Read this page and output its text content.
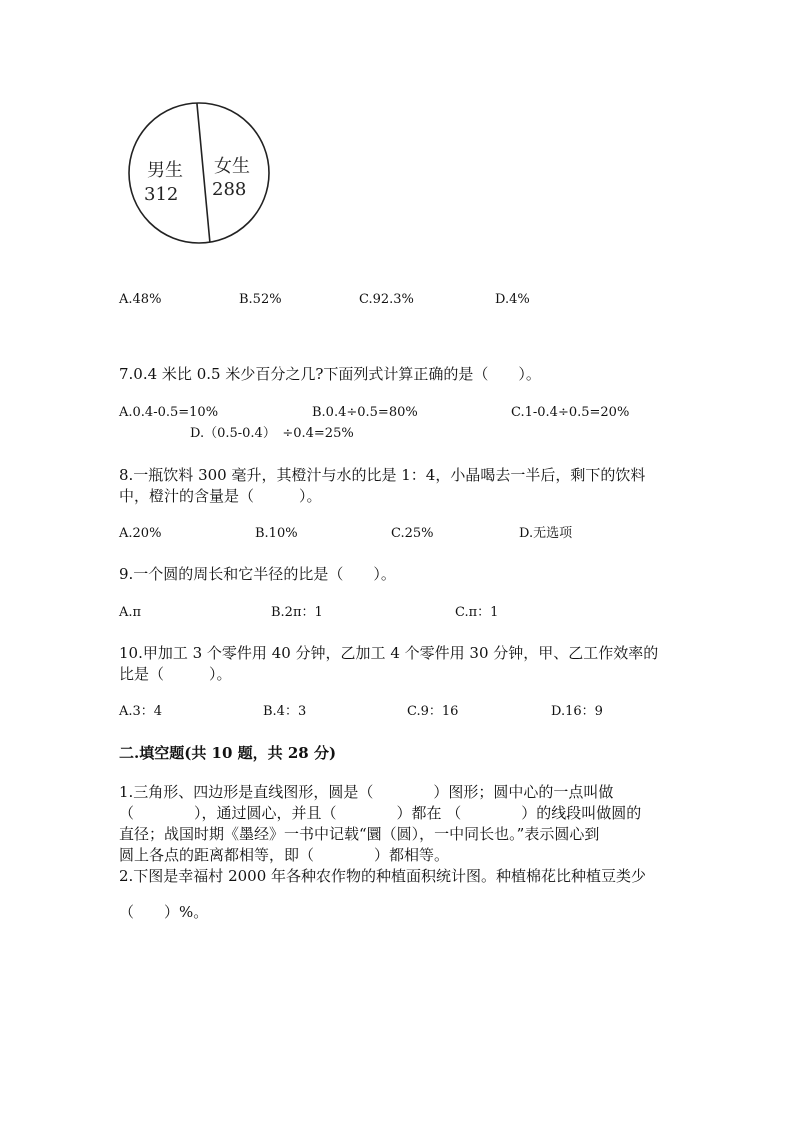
男生
312
女生
288
A.48%	B.52%	C.92.3%	D.4%
7.0.4 米比 0.5 米少百分之几?下面列式计算正确的是（　　）。
A.0.4-0.5=10%	B.0.4÷0.5=80%	C.1-0.4÷0.5=20%
D.（0.5-0.4）　÷0.4=25%
8.一瓶饮料 300 毫升，其橙汁与水的比是 1：4，小晶喝去一半后，剩下的饮料
中，橙汁的含量是（　　　）。
A.20%	B.10%	C.25%	D.无选项
9.一个圆的周长和它半径的比是（　　）。
A.π	B.2π：1	C.π：1
10.甲加工 3 个零件用 40 分钟，乙加工 4 个零件用 30 分钟，甲、乙工作效率的
比是（　　　）。
A.3：4	B.4：3	C.9：16	D.16：9
二.填空题(共 10 题，共 28 分)
1.三角形、四边形是直线图形，圆是（　　　　）图形；圆中心的一点叫做
（　　　　），通过圆心，并且（　　　　）都在 （　　　　）的线段叫做圆的
直径；战国时期《墨经》一书中记载“圜（圆），一中同长也。”表示圆心到
圆上各点的距离都相等，即（　　　　）都相等。
2.下图是幸福村 2000 年各种农作物的种植面积统计图。种植棉花比种植豆类少
（　　）%。
